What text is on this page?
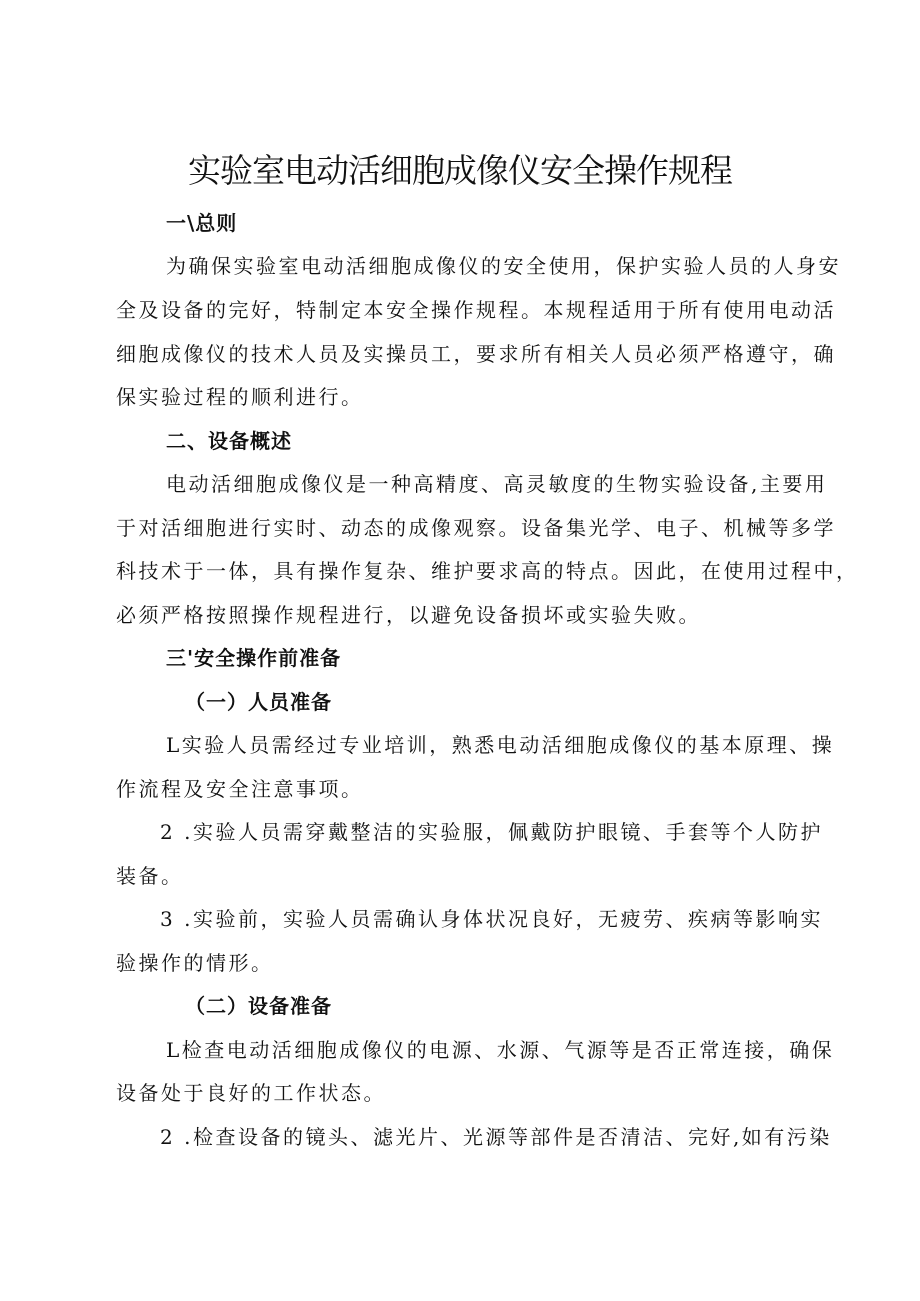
实验室电动活细胞成像仪安全操作规程

一\总则

为确保实验室电动活细胞成像仪的安全使用，保护实验人员的人身安

全及设备的完好，特制定本安全操作规程。本规程适用于所有使用电动活

细胞成像仪的技术人员及实操员工，要求所有相关人员必须严格遵守，确

保实验过程的顺利进行。

二、设备概述

电动活细胞成像仪是一种高精度、高灵敏度的生物实验设备,主要用

于对活细胞进行实时、动态的成像观察。设备集光学、电子、机械等多学

科技术于一体，具有操作复杂、维护要求高的特点。因此，在使用过程中，

必须严格按照操作规程进行，以避免设备损坏或实验失败。

三'安全操作前准备

（一）人员准备

L实验人员需经过专业培训，熟悉电动活细胞成像仪的基本原理、操

作流程及安全注意事项。

2 .实验人员需穿戴整洁的实验服，佩戴防护眼镜、手套等个人防护

装备。

3 .实验前，实验人员需确认身体状况良好，无疲劳、疾病等影响实

验操作的情形。

（二）设备准备

L检查电动活细胞成像仪的电源、水源、气源等是否正常连接，确保

设备处于良好的工作状态。

2 .检查设备的镜头、滤光片、光源等部件是否清洁、完好,如有污染
